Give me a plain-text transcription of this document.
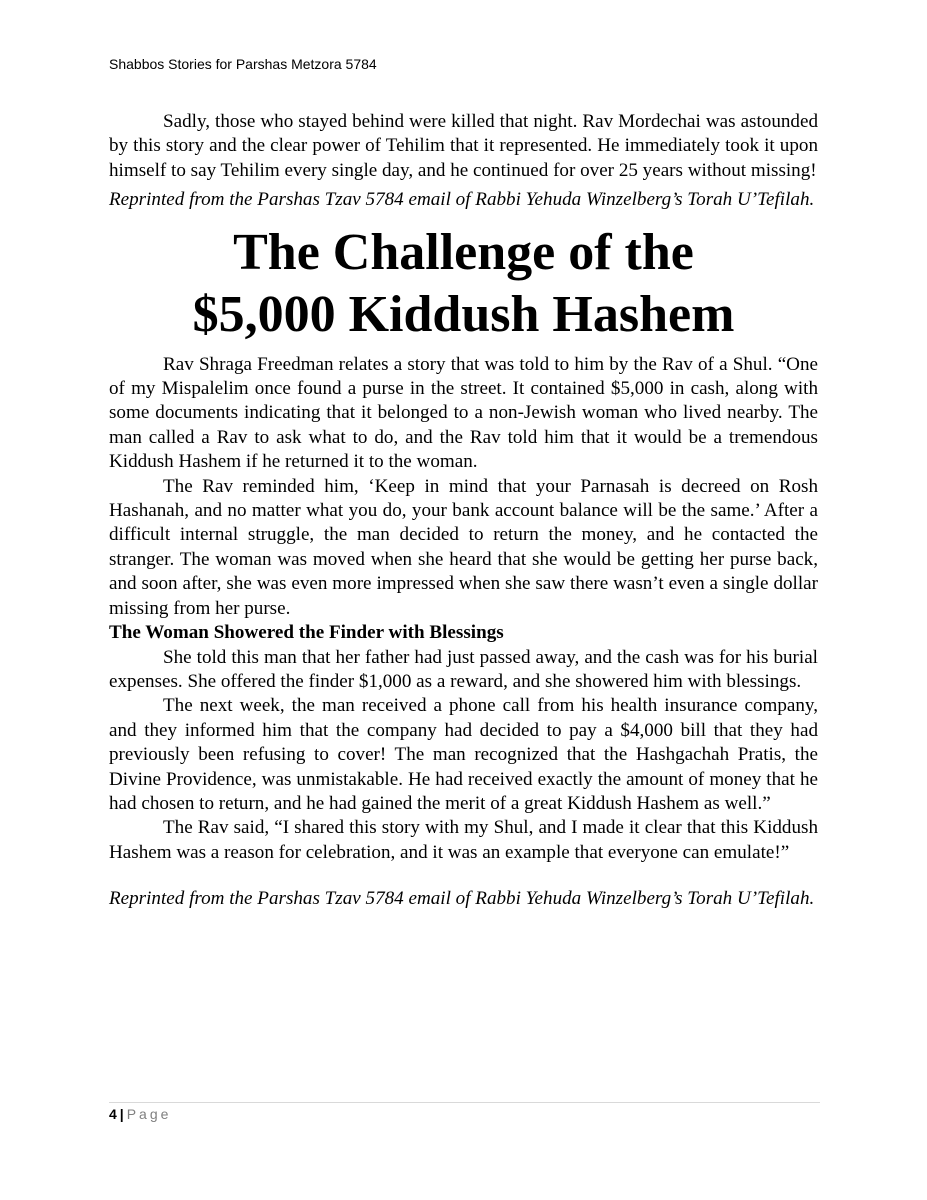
Shabbos Stories for Parshas Metzora 5784

Sadly, those who stayed behind were killed that night. Rav Mordechai was astounded by this story and the clear power of Tehilim that it represented. He immediately took it upon himself to say Tehilim every single day, and he continued for over 25 years without missing!

Reprinted from the Parshas Tzav 5784 email of Rabbi Yehuda Winzelberg’s Torah U’Tefilah.

The Challenge of the
$5,000 Kiddush Hashem

Rav Shraga Freedman relates a story that was told to him by the Rav of a Shul. “One of my Mispalelim once found a purse in the street. It contained $5,000 in cash, along with some documents indicating that it belonged to a non-Jewish woman who lived nearby. The man called a Rav to ask what to do, and the Rav told him that it would be a tremendous Kiddush Hashem if he returned it to the woman.

The Rav reminded him, ‘Keep in mind that your Parnasah is decreed on Rosh Hashanah, and no matter what you do, your bank account balance will be the same.’ After a difficult internal struggle, the man decided to return the money, and he contacted the stranger. The woman was moved when she heard that she would be getting her purse back, and soon after, she was even more impressed when she saw there wasn’t even a single dollar missing from her purse.

The Woman Showered the Finder with Blessings

She told this man that her father had just passed away, and the cash was for his burial expenses. She offered the finder $1,000 as a reward, and she showered him with blessings.

The next week, the man received a phone call from his health insurance company, and they informed him that the company had decided to pay a $4,000 bill that they had previously been refusing to cover! The man recognized that the Hashgachah Pratis, the Divine Providence, was unmistakable. He had received exactly the amount of money that he had chosen to return, and he had gained the merit of a great Kiddush Hashem as well.”

The Rav said, “I shared this story with my Shul, and I made it clear that this Kiddush Hashem was a reason for celebration, and it was an example that everyone can emulate!”

Reprinted from the Parshas Tzav 5784 email of Rabbi Yehuda Winzelberg’s Torah U’Tefilah.

4 | Page
